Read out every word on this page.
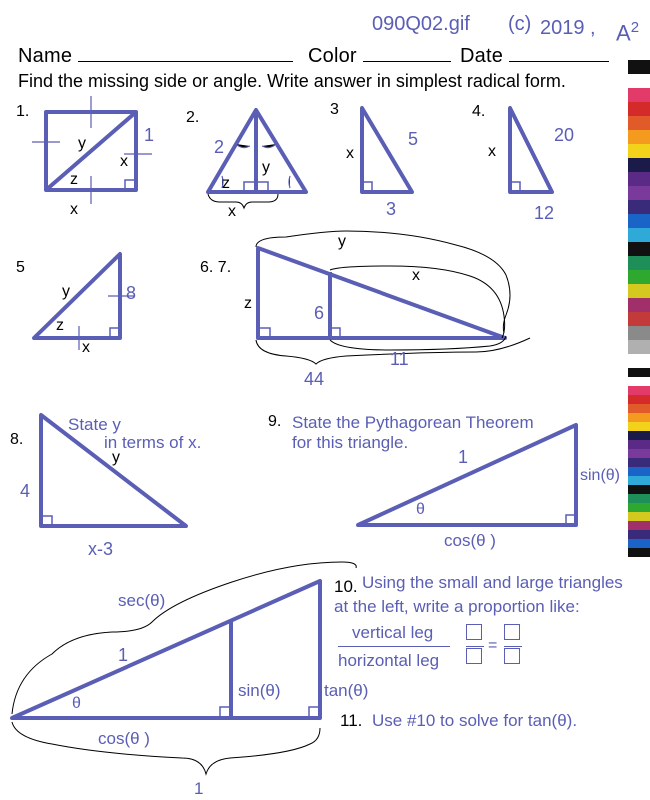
090Q02.gif (c) 2019 , $A^2$
Name	Color	Date
Find the missing side or angle. Write answer in simplest radical form.
1.
y	1
x
z
x
2.
2
y
z
x
3
x
5
3
4.
x
20
12
5
y	8
z
x
6. 7.
y
x
z	6
11
44
8.
State y
in terms of x.
y
4
x-3
9. State the Pythagorean Theorem
for this triangle.
1
sin(θ)
θ
cos(θ )
sec(θ)
1
θ
sin(θ)	tan(θ)
cos(θ )
1
10. Using the small and large triangles
at the left, write a proportion like:
vertical leg
horizontal leg
=
11. Use #10 to solve for tan(θ).
